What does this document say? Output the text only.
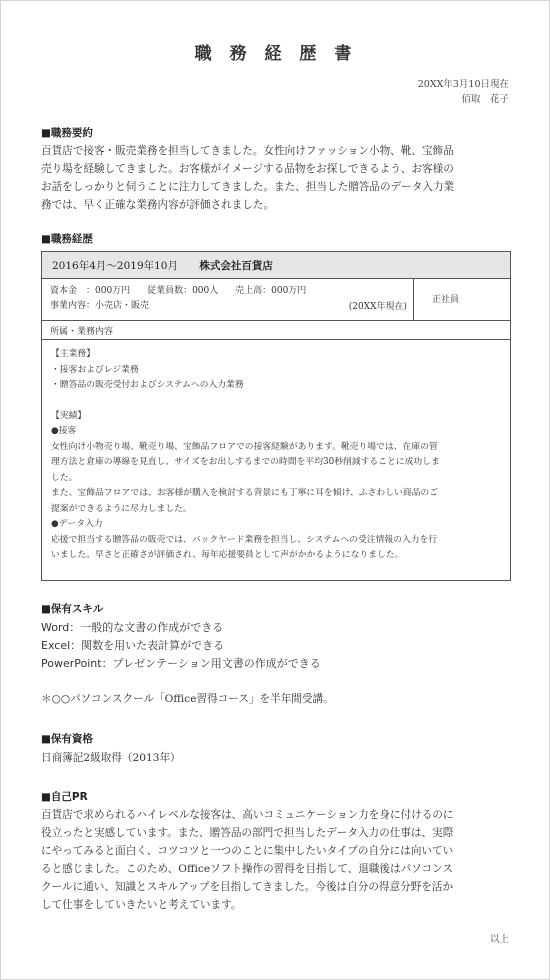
職 務 経 歴 書
20XX年3月10日現在
佰取　花子
■職務要約
百貨店で接客・販売業務を担当してきました。女性向けファッション小物、靴、宝飾品
売り場を経験してきました。お客様がイメージする品物をお探しできるよう、お客様の
お話をしっかりと伺うことに注力してきました。また、担当した贈答品のデータ入力業
務では、早く正確な業務内容が評価されました。
■職務経歴
2016年4月～2019年10月 株式会社百貨店
資本金　：000万円 従業員数：000人 売上高：000万円
事業内容：小売店・販売	(20XX年現在)
正社員
所属・業務内容
【主業務】
・接客およびレジ業務
・贈答品の販売受付およびシステムへの入力業務
【実績】
●接客
女性向け小物売り場、靴売り場、宝飾品フロアでの接客経験があります。靴売り場では、在庫の管
理方法と倉庫の導線を見直し、サイズをお出しするまでの時間を平均30秒削減することに成功しま
した。
また、宝飾品フロアでは、お客様が購入を検討する背景にも丁寧に耳を傾け、ふさわしい商品のご
提案ができるように尽力しました。
●データ入力
応援で担当する贈答品の販売では、バックヤード業務を担当し、システムへの受注情報の入力を行
いました。早さと正確さが評価され、毎年応援要員として声がかかるようになりました。
■保有スキル
Word：一般的な文書の作成ができる
Excel：関数を用いた表計算ができる
PowerPoint：プレゼンテーション用文書の作成ができる
＊○○パソコンスクール「Office習得コース」を半年間受講。
■保有資格
日商簿記2級取得（2013年）
■自己PR
百貨店で求められるハイレベルな接客は、高いコミュニケーション力を身に付けるのに
役立ったと実感しています。また、贈答品の部門で担当したデータ入力の仕事は、実際
にやってみると面白く、コツコツと一つのことに集中したいタイプの自分には向いてい
ると感じました。このため、Officeソフト操作の習得を目指して、退職後はパソコンス
クールに通い、知識とスキルアップを目指してきました。今後は自分の得意分野を活か
して仕事をしていきたいと考えています。
以上
